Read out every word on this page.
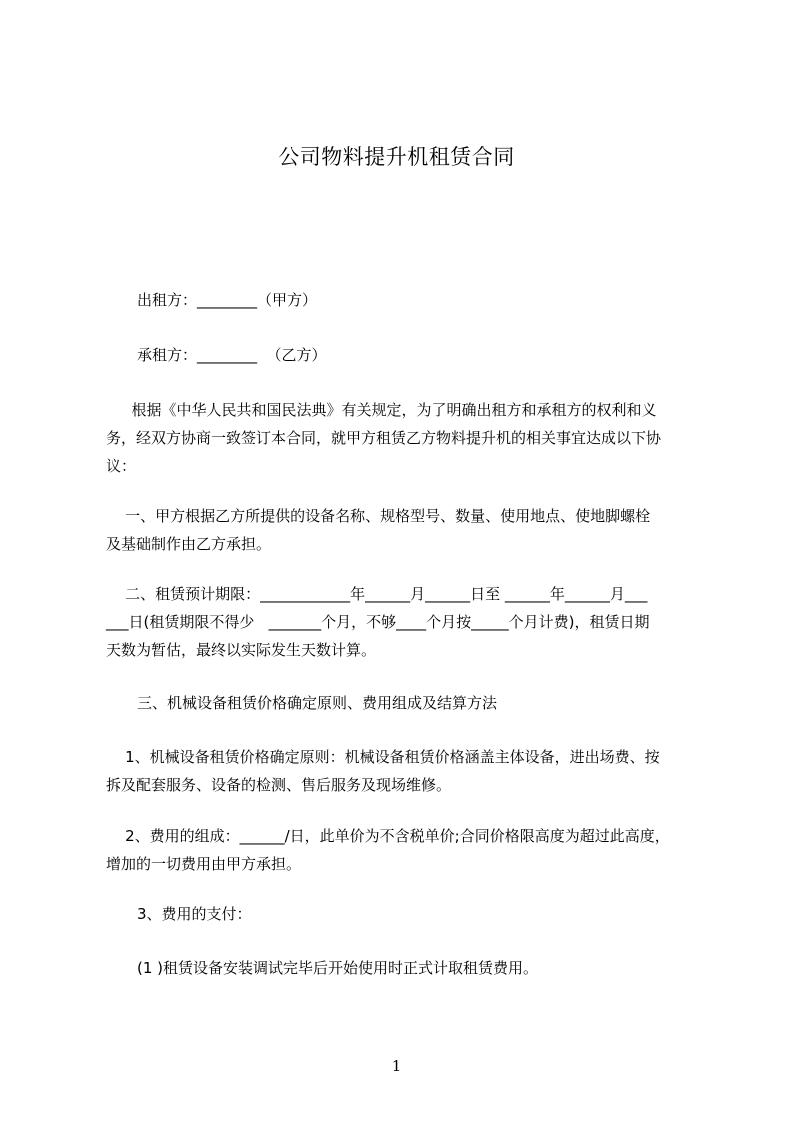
公司物料提升机租赁合同
出租方：________（甲方）
承租方：________  （乙方）
根据《中华人民共和国民法典》有关规定，为了明确出租方和承租方的权利和义
务，经双方协商一致签订本合同，就甲方租赁乙方物料提升机的相关事宜达成以下协
议：
一、甲方根据乙方所提供的设备名称、规格型号、数量、使用地点、使地脚螺栓
及基础制作由乙方承担。
二、租赁预计期限：____________年______月______日至 ______年______月___
___日(租赁期限不得少   _______个月，不够____个月按_____个月计费)，租赁日期
天数为暂估，最终以实际发生天数计算。
三、机械设备租赁价格确定原则、费用组成及结算方法
1、机械设备租赁价格确定原则：机械设备租赁价格涵盖主体设备，进出场费、按
拆及配套服务、设备的检测、售后服务及现场维修。
2、费用的组成：______/日，此单价为不含税单价;合同价格限高度为超过此高度，
增加的一切费用由甲方承担。
3、费用的支付：
(1 )租赁设备安装调试完毕后开始使用时正式计取租赁费用。
1
